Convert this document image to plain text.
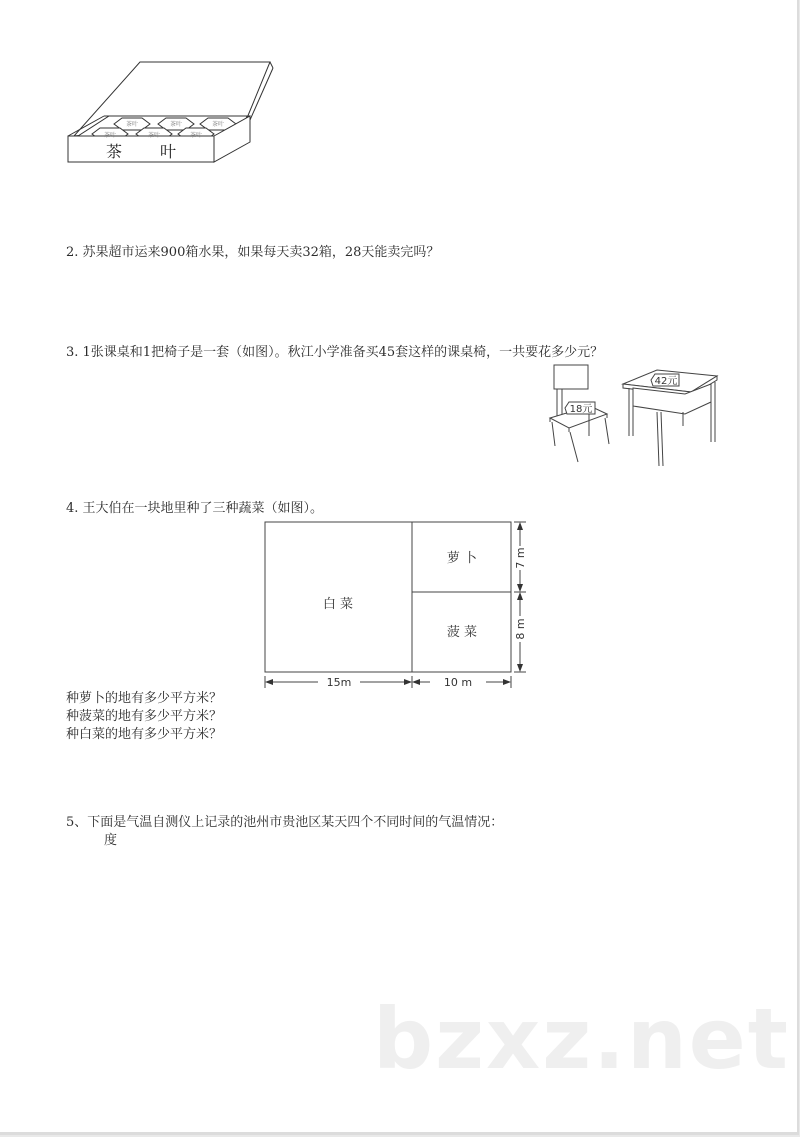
茶叶	茶叶	茶叶
茶叶	茶叶	茶叶
茶 叶
2. 苏果超市运来900箱水果，如果每天卖32箱，28天能卖完吗？
3. 1张课桌和1把椅子是一套（如图）。秋江小学准备买45套这样的课桌椅，一共要花多少元？
18元
42元
4. 王大伯在一块地里种了三种蔬菜（如图）。
白 菜
萝 卜
菠 菜
15m	10 m
7 m
8 m
种萝卜的地有多少平方米？
种菠菜的地有多少平方米？
种白菜的地有多少平方米？
5、下面是气温自测仪上记录的池州市贵池区某天四个不同时间的气温情况：
度
bzxz.net
